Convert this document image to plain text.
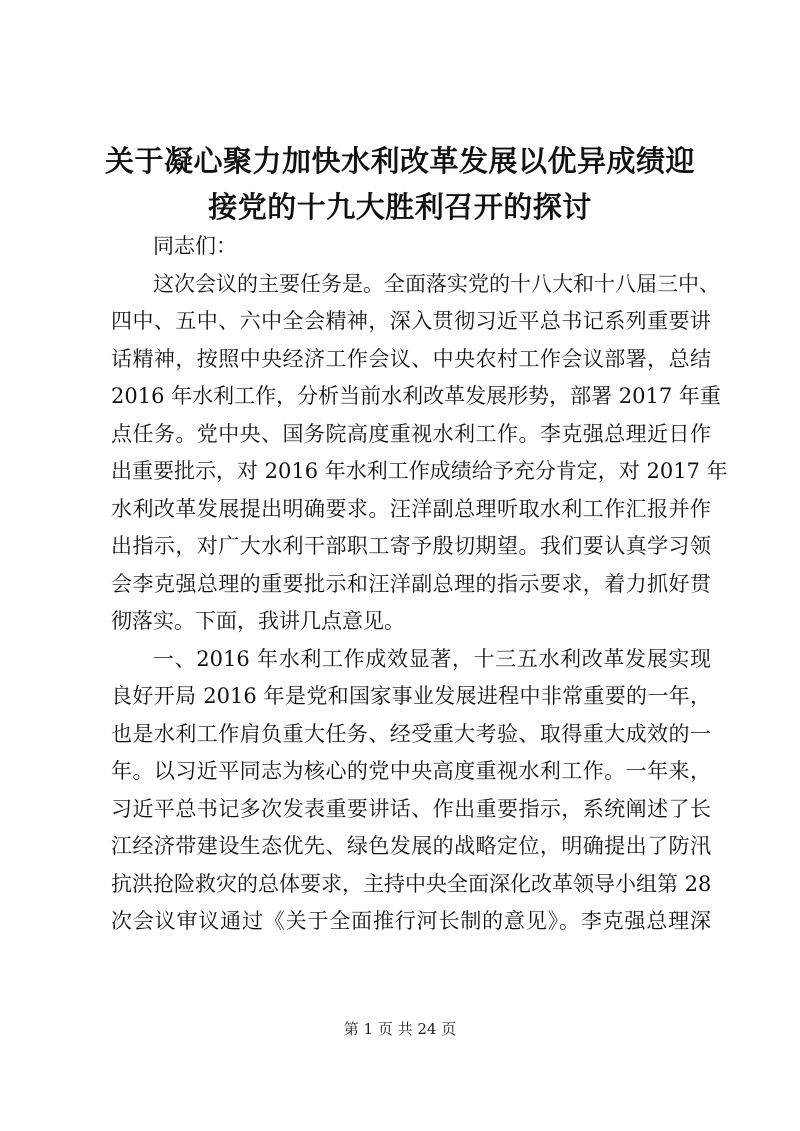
关于凝心聚力加快水利改革发展以优异成绩迎
接党的十九大胜利召开的探讨
同志们：
这次会议的主要任务是。全面落实党的十八大和十八届三中、
四中、五中、六中全会精神，深入贯彻习近平总书记系列重要讲
话精神，按照中央经济工作会议、中央农村工作会议部署，总结
2016 年水利工作，分析当前水利改革发展形势，部署 2017 年重
点任务。党中央、国务院高度重视水利工作。李克强总理近日作
出重要批示，对 2016 年水利工作成绩给予充分肯定，对 2017 年
水利改革发展提出明确要求。汪洋副总理听取水利工作汇报并作
出指示，对广大水利干部职工寄予殷切期望。我们要认真学习领
会李克强总理的重要批示和汪洋副总理的指示要求，着力抓好贯
彻落实。下面，我讲几点意见。
一、2016 年水利工作成效显著，十三五水利改革发展实现
良好开局 2016 年是党和国家事业发展进程中非常重要的一年，
也是水利工作肩负重大任务、经受重大考验、取得重大成效的一
年。以习近平同志为核心的党中央高度重视水利工作。一年来，
习近平总书记多次发表重要讲话、作出重要指示，系统阐述了长
江经济带建设生态优先、绿色发展的战略定位，明确提出了防汛
抗洪抢险救灾的总体要求，主持中央全面深化改革领导小组第 28
次会议审议通过《关于全面推行河长制的意见》。李克强总理深
第 1 页 共 24 页
